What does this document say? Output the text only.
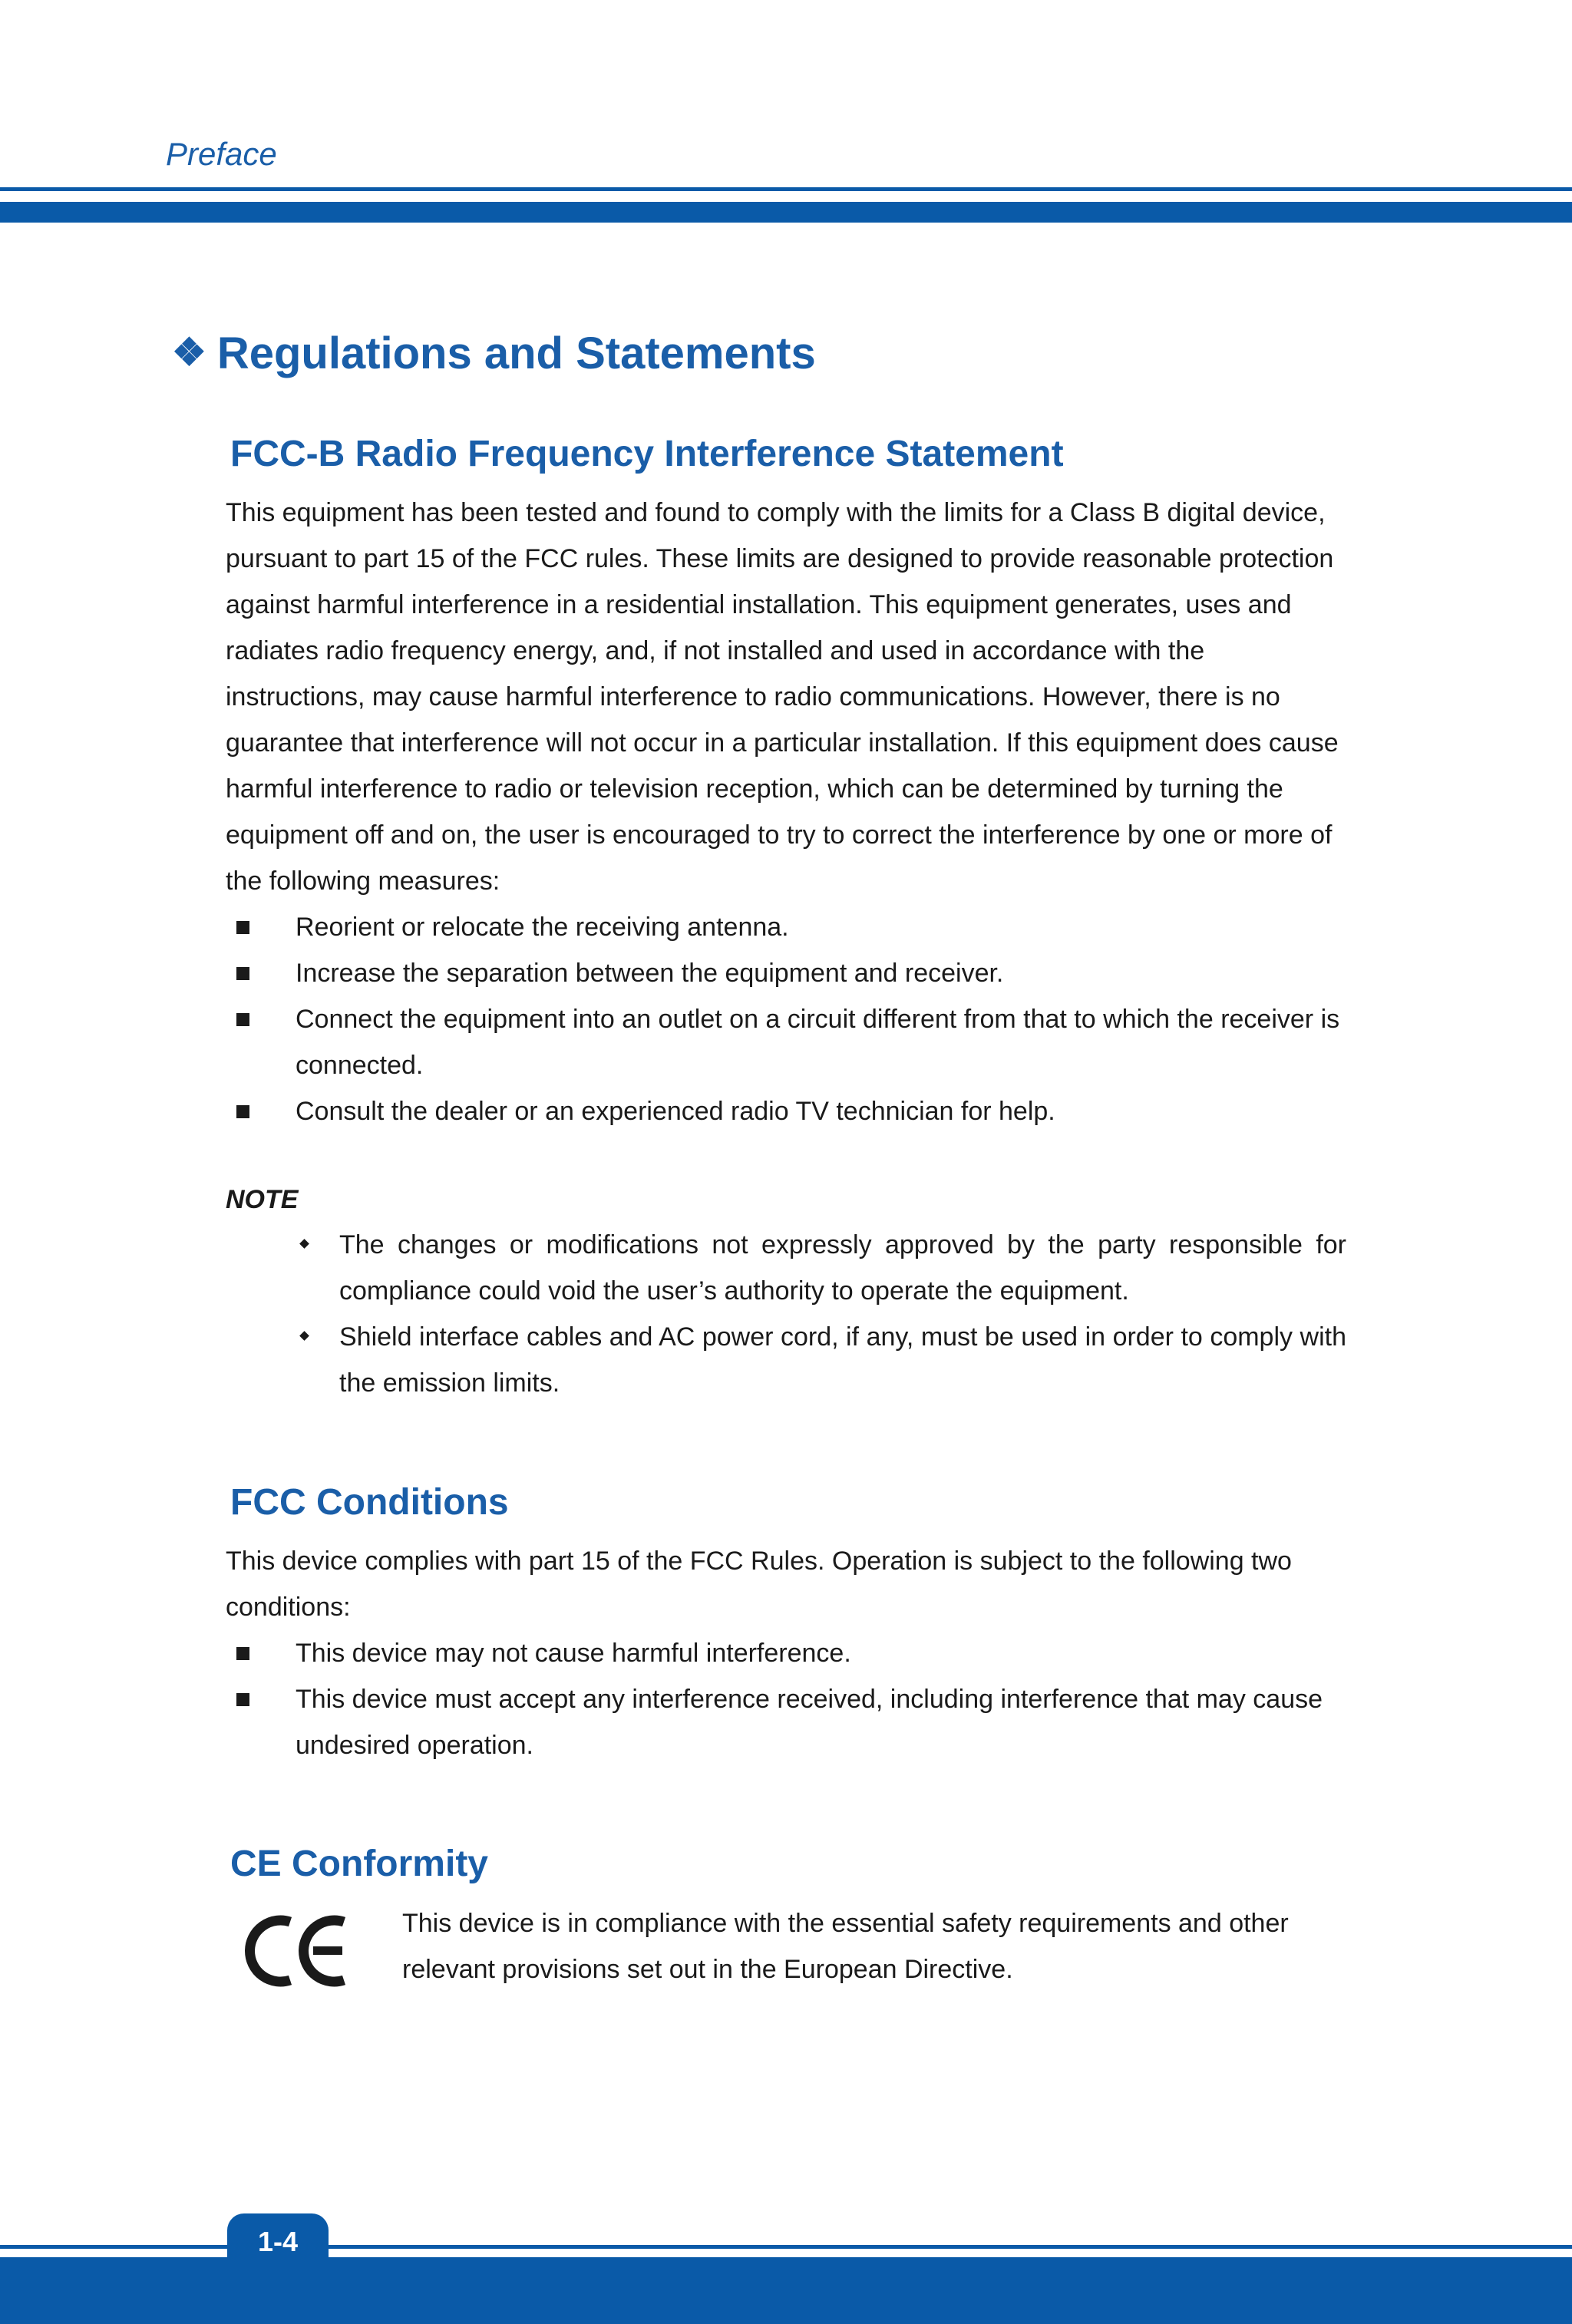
Preface
❖ Regulations and Statements
FCC-B Radio Frequency Interference Statement

This equipment has been tested and found to comply with the limits for a Class B digital device, pursuant to part 15 of the FCC rules. These limits are designed to provide reasonable protection against harmful interference in a residential installation. This equipment generates, uses and radiates radio frequency energy, and, if not installed and used in accordance with the instructions, may cause harmful interference to radio communications. However, there is no guarantee that interference will not occur in a particular installation. If this equipment does cause harmful interference to radio or television reception, which can be determined by turning the equipment off and on, the user is encouraged to try to correct the interference by one or more of the following measures:

Reorient or relocate the receiving antenna.
Increase the separation between the equipment and receiver.
Connect the equipment into an outlet on a circuit different from that to which the receiver is connected.
Consult the dealer or an experienced radio TV technician for help.
NOTE
The changes or modifications not expressly approved by the party responsible for compliance could void the user’s authority to operate the equipment.
Shield interface cables and AC power cord, if any, must be used in order to comply with the emission limits.
FCC Conditions

This device complies with part 15 of the FCC Rules. Operation is subject to the following two conditions:

This device may not cause harmful interference.
This device must accept any interference received, including interference that may cause undesired operation.
CE Conformity

This device is in compliance with the essential safety requirements and other relevant provisions set out in the European Directive.

1-4
